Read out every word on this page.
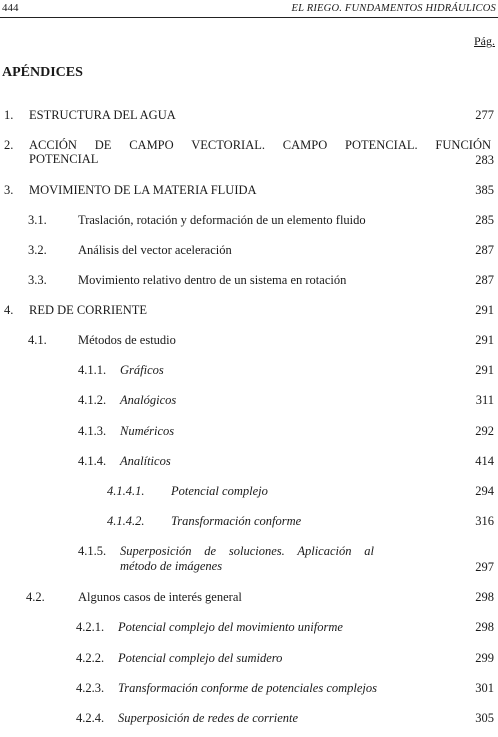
444	EL RIEGO. FUNDAMENTOS HIDRÁULICOS
Pág.
APÉNDICES
1. ESTRUCTURA DEL AGUA	277
2. ACCIÓN DE CAMPO VECTORIAL. CAMPO POTENCIAL. FUNCIÓN
POTENCIAL	283
3. MOVIMIENTO DE LA MATERIA FLUIDA	385
3.1.	Traslación, rotación y deformación de un elemento fluido	285
3.2.	Análisis del vector aceleración	287
3.3.	Movimiento relativo dentro de un sistema en rotación	287
4. RED DE CORRIENTE	291
4.1.	Métodos de estudio	291
4.1.1. Gráficos	291
4.1.2. Analógicos	311
4.1.3. Numéricos	292
4.1.4. Analíticos	414
4.1.4.1. Potencial complejo	294
4.1.4.2. Transformación conforme	316
4.1.5. Superposición de soluciones. Aplicación al
método de imágenes	297
4.2.	Algunos casos de interés general	298
4.2.1. Potencial complejo del movimiento uniforme	298
4.2.2. Potencial complejo del sumidero	299
4.2.3. Transformación conforme de potenciales complejos	301
4.2.4. Superposición de redes de corriente	305
